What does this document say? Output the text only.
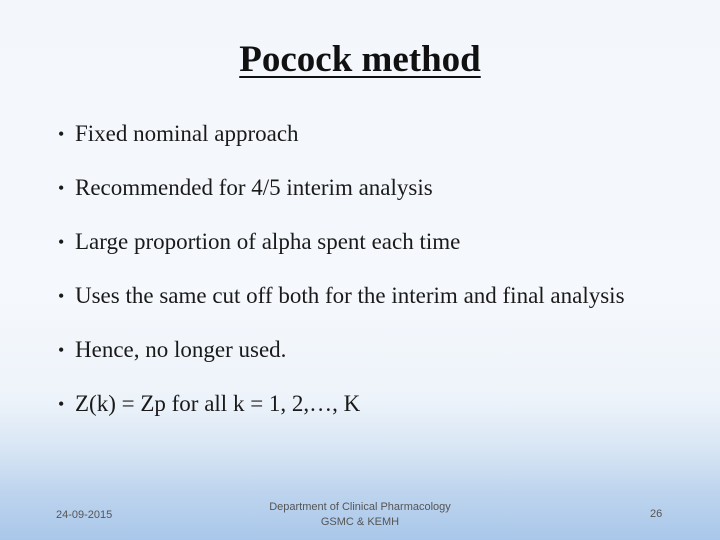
Pocock method
• Fixed nominal approach
• Recommended for 4/5 interim analysis
• Large proportion of alpha spent each time
• Uses the same cut off both for the interim and final analysis
• Hence, no longer used.
• Z(k) = Zp for all k = 1, 2,…, K
24-09-2015
Department of Clinical Pharmacology
GSMC & KEMH
26
